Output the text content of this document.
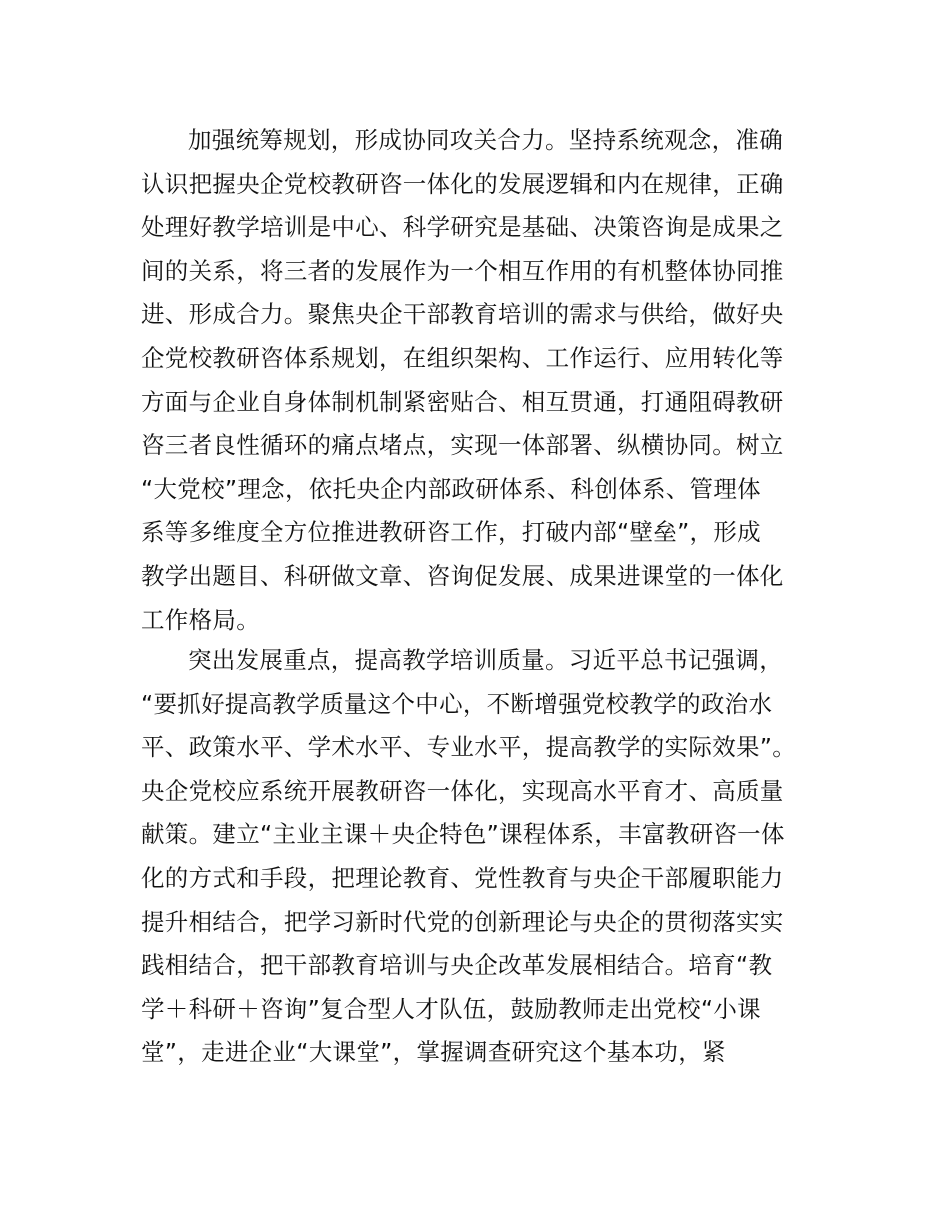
加强统筹规划，形成协同攻关合力。坚持系统观念，准确
认识把握央企党校教研咨一体化的发展逻辑和内在规律，正确
处理好教学培训是中心、科学研究是基础、决策咨询是成果之
间的关系，将三者的发展作为一个相互作用的有机整体协同推
进、形成合力。聚焦央企干部教育培训的需求与供给，做好央
企党校教研咨体系规划，在组织架构、工作运行、应用转化等
方面与企业自身体制机制紧密贴合、相互贯通，打通阻碍教研
咨三者良性循环的痛点堵点，实现一体部署、纵横协同。树立
“大党校”理念，依托央企内部政研体系、科创体系、管理体
系等多维度全方位推进教研咨工作，打破内部“壁垒”，形成
教学出题目、科研做文章、咨询促发展、成果进课堂的一体化
工作格局。
突出发展重点，提高教学培训质量。习近平总书记强调，
“要抓好提高教学质量这个中心，不断增强党校教学的政治水
平、政策水平、学术水平、专业水平，提高教学的实际效果”。
央企党校应系统开展教研咨一体化，实现高水平育才、高质量
献策。建立“主业主课＋央企特色”课程体系，丰富教研咨一体
化的方式和手段，把理论教育、党性教育与央企干部履职能力
提升相结合，把学习新时代党的创新理论与央企的贯彻落实实
践相结合，把干部教育培训与央企改革发展相结合。培育“教
学＋科研＋咨询”复合型人才队伍，鼓励教师走出党校“小课
堂”，走进企业“大课堂”，掌握调查研究这个基本功，紧
